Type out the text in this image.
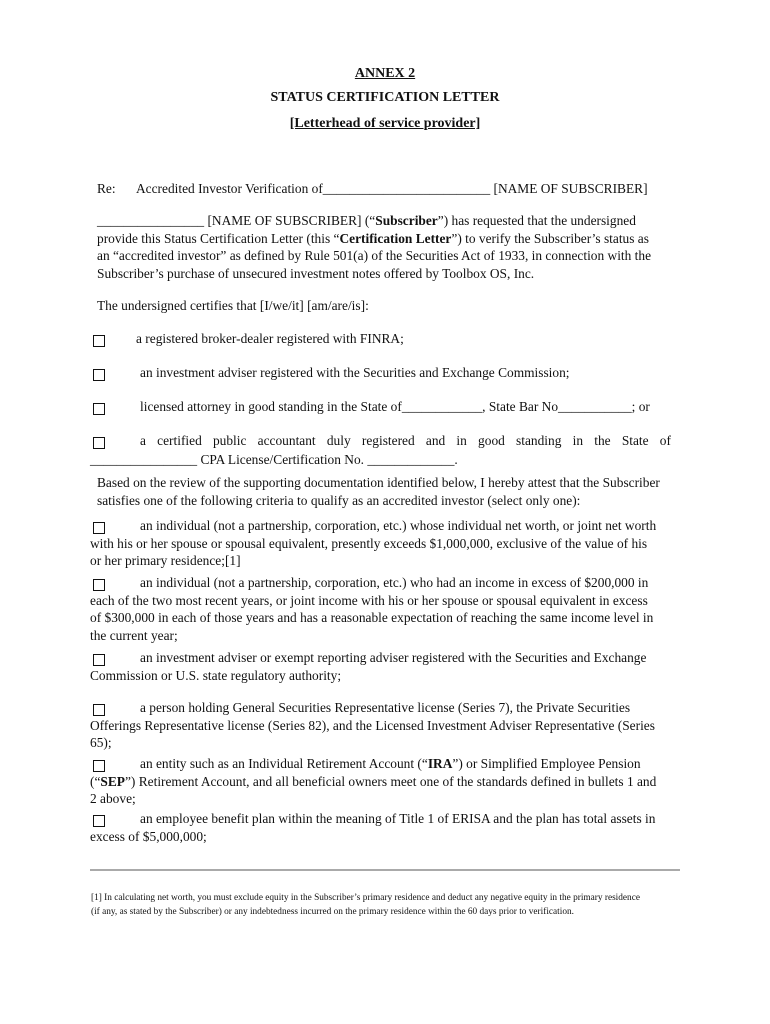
ANNEX 2
STATUS CERTIFICATION LETTER
[Letterhead of service provider]
Re: Accredited Investor Verification of_________________________ [NAME OF SUBSCRIBER]
________________ [NAME OF SUBSCRIBER] (“Subscriber”) has requested that the undersigned
provide this Status Certification Letter (this “Certification Letter”) to verify the Subscriber’s status as
an “accredited investor” as defined by Rule 501(a) of the Securities Act of 1933, in connection with the
Subscriber’s purchase of unsecured investment notes offered by Toolbox OS, Inc.
The undersigned certifies that [I/we/it] [am/are/is]:
a registered broker-dealer registered with FINRA;
an investment adviser registered with the Securities and Exchange Commission;
licensed attorney in good standing in the State of____________, State Bar No___________; or
a certified public accountant duly registered and in good standing in the State of
________________ CPA License/Certification No. _____________.
Based on the review of the supporting documentation identified below, I hereby attest that the Subscriber
satisfies one of the following criteria to qualify as an accredited investor (select only one):
an individual (not a partnership, corporation, etc.) whose individual net worth, or joint net worth
with his or her spouse or spousal equivalent, presently exceeds $1,000,000, exclusive of the value of his
or her primary residence;[1]
an individual (not a partnership, corporation, etc.) who had an income in excess of $200,000 in
each of the two most recent years, or joint income with his or her spouse or spousal equivalent in excess
of $300,000 in each of those years and has a reasonable expectation of reaching the same income level in
the current year;
an investment adviser or exempt reporting adviser registered with the Securities and Exchange
Commission or U.S. state regulatory authority;
a person holding General Securities Representative license (Series 7), the Private Securities
Offerings Representative license (Series 82), and the Licensed Investment Adviser Representative (Series
65);
an entity such as an Individual Retirement Account (“IRA”) or Simplified Employee Pension
(“SEP”) Retirement Account, and all beneficial owners meet one of the standards defined in bullets 1 and
2 above;
an employee benefit plan within the meaning of Title 1 of ERISA and the plan has total assets in
excess of $5,000,000;
[1] In calculating net worth, you must exclude equity in the Subscriber’s primary residence and deduct any negative equity in the primary residence
(if any, as stated by the Subscriber) or any indebtedness incurred on the primary residence within the 60 days prior to verification.
